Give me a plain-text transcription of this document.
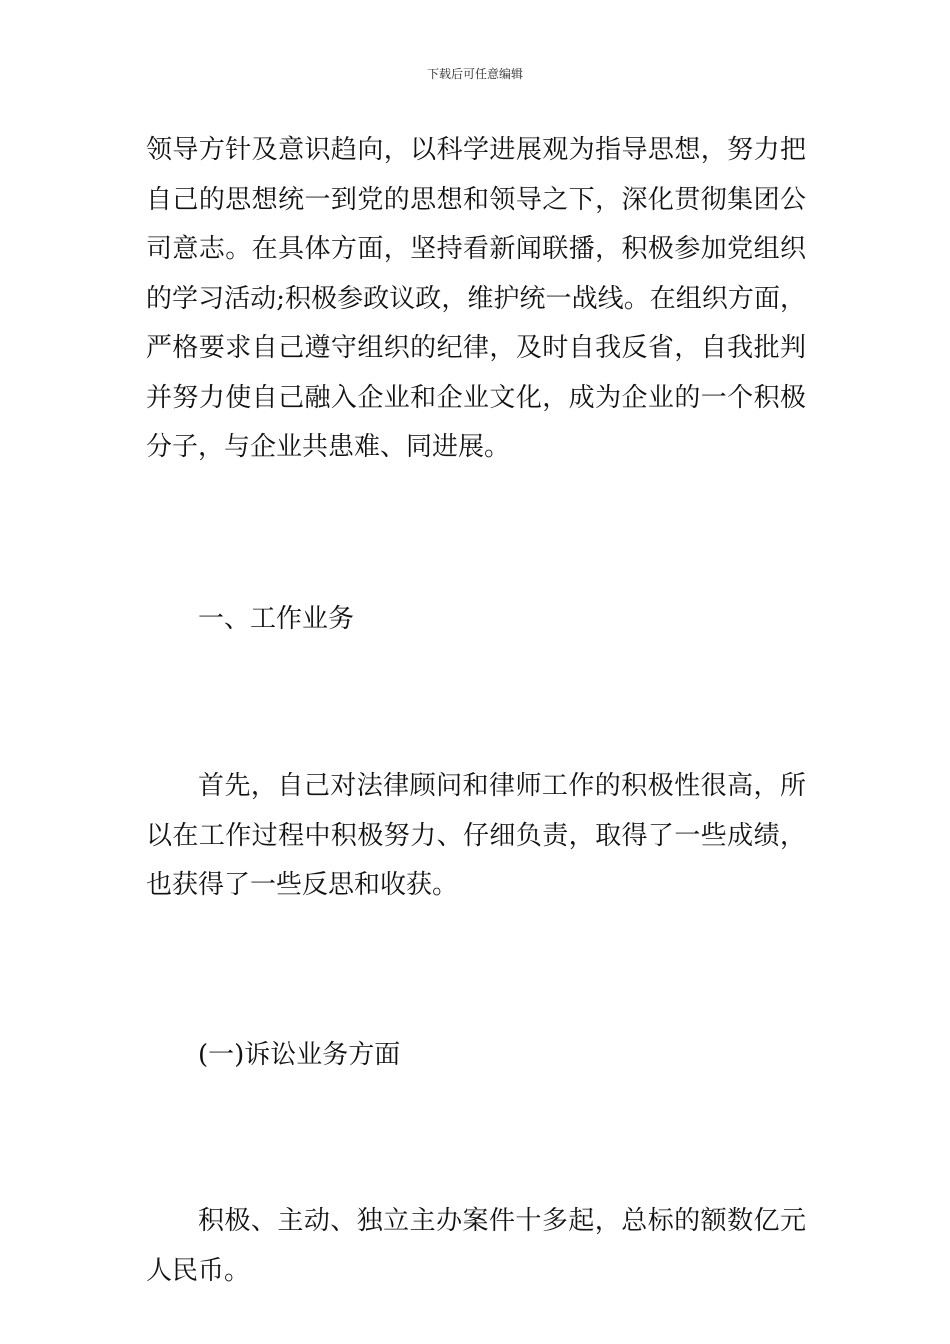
下载后可任意编辑

领导方针及意识趋向，以科学进展观为指导思想，努力把自己的思想统一到党的思想和领导之下，深化贯彻集团公司意志。在具体方面，坚持看新闻联播，积极参加党组织的学习活动;积极参政议政，维护统一战线。在组织方面，严格要求自己遵守组织的纪律，及时自我反省，自我批判并努力使自己融入企业和企业文化，成为企业的一个积极分子，与企业共患难、同进展。

一、工作业务

首先，自己对法律顾问和律师工作的积极性很高，所以在工作过程中积极努力、仔细负责，取得了一些成绩，也获得了一些反思和收获。

(一)诉讼业务方面

积极、主动、独立主办案件十多起，总标的额数亿元人民币。
